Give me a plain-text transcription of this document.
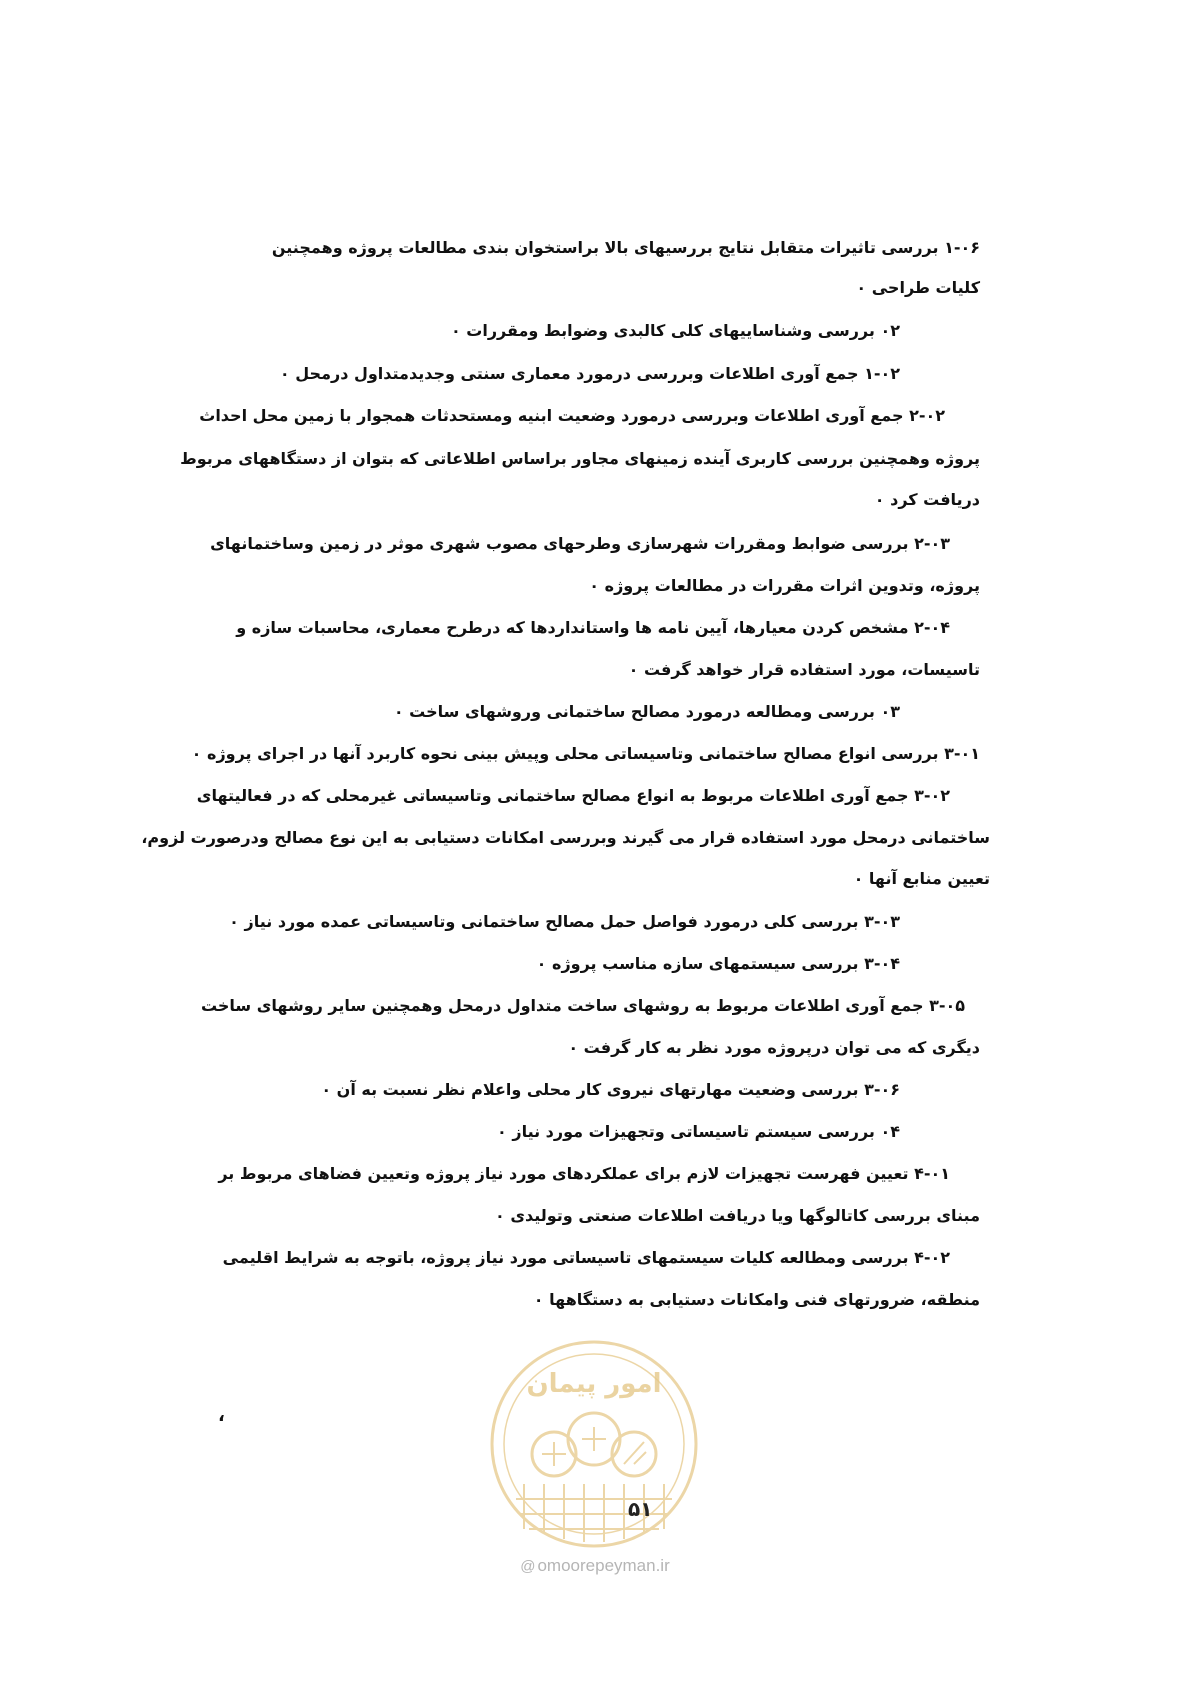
۱-۰۶ بررسی تاثیرات متقابل نتایج بررسیهای بالا براستخوان بندی مطالعات پروژه وهمچنین
کلیات طراحی ۰
۰۲ بررسی وشناساییهای کلی کالبدی وضوابط ومقررات ۰
۱-۰۲ جمع آوری اطلاعات وبررسی درمورد معماری سنتی وجدیدمتداول درمحل ۰
۲-۰۲ جمع آوری اطلاعات وبررسی درمورد وضعیت ابنیه ومستحدثات همجوار با زمین محل احداث
پروژه وهمچنین بررسی کاربری آینده زمینهای مجاور براساس اطلاعاتی که بتوان از دستگاههای مربوط
دریافت کرد ۰
۲-۰۳ بررسی ضوابط ومقررات شهرسازی وطرحهای مصوب شهری موثر در زمین وساختمانهای
پروژه، وتدوین اثرات مقررات در مطالعات پروژه ۰
۲-۰۴ مشخص کردن معیارها، آیین نامه ها واستانداردها که درطرح معماری، محاسبات سازه و
تاسیسات، مورد استفاده قرار خواهد گرفت ۰
۰۳ بررسی ومطالعه درمورد مصالح ساختمانی وروشهای ساخت ۰
۳-۰۱ بررسی انواع مصالح ساختمانی وتاسیساتی محلی وپیش بینی نحوه کاربرد آنها در اجرای پروژه ۰
۳-۰۲ جمع آوری اطلاعات مربوط به انواع مصالح ساختمانی وتاسیساتی غیرمحلی که در فعالیتهای
ساختمانی درمحل مورد استفاده قرار می گیرند وبررسی امکانات دستیابی به این نوع مصالح ودرصورت لزوم،
تعیین منابع آنها ۰
۳-۰۳ بررسی کلی درمورد فواصل حمل مصالح ساختمانی وتاسیساتی عمده مورد نیاز ۰
۳-۰۴ بررسی سیستمهای سازه مناسب پروژه ۰
۳-۰۵ جمع آوری اطلاعات مربوط به روشهای ساخت متداول درمحل وهمچنین سایر روشهای ساخت
دیگری که می توان درپروژه مورد نظر به کار گرفت ۰
۳-۰۶ بررسی وضعیت مهارتهای نیروی کار محلی واعلام نظر نسبت به آن ۰
۰۴ بررسی سیستم تاسیساتی وتجهیزات مورد نیاز ۰
۴-۰۱ تعیین فهرست تجهیزات لازم برای عملکردهای مورد نیاز پروژه وتعیین فضاهای مربوط بر
مبنای بررسی کاتالوگها ویا دریافت اطلاعات صنعتی وتولیدی ۰
۴-۰۲ بررسی ومطالعه کلیات سیستمهای تاسیساتی مورد نیاز پروژه، باتوجه به شرایط اقلیمی
منطقه، ضرورتهای فنی وامکانات دستیابی به دستگاهها ۰
،
امور پیمان
۵۱
@ omoorepeyman.ir
